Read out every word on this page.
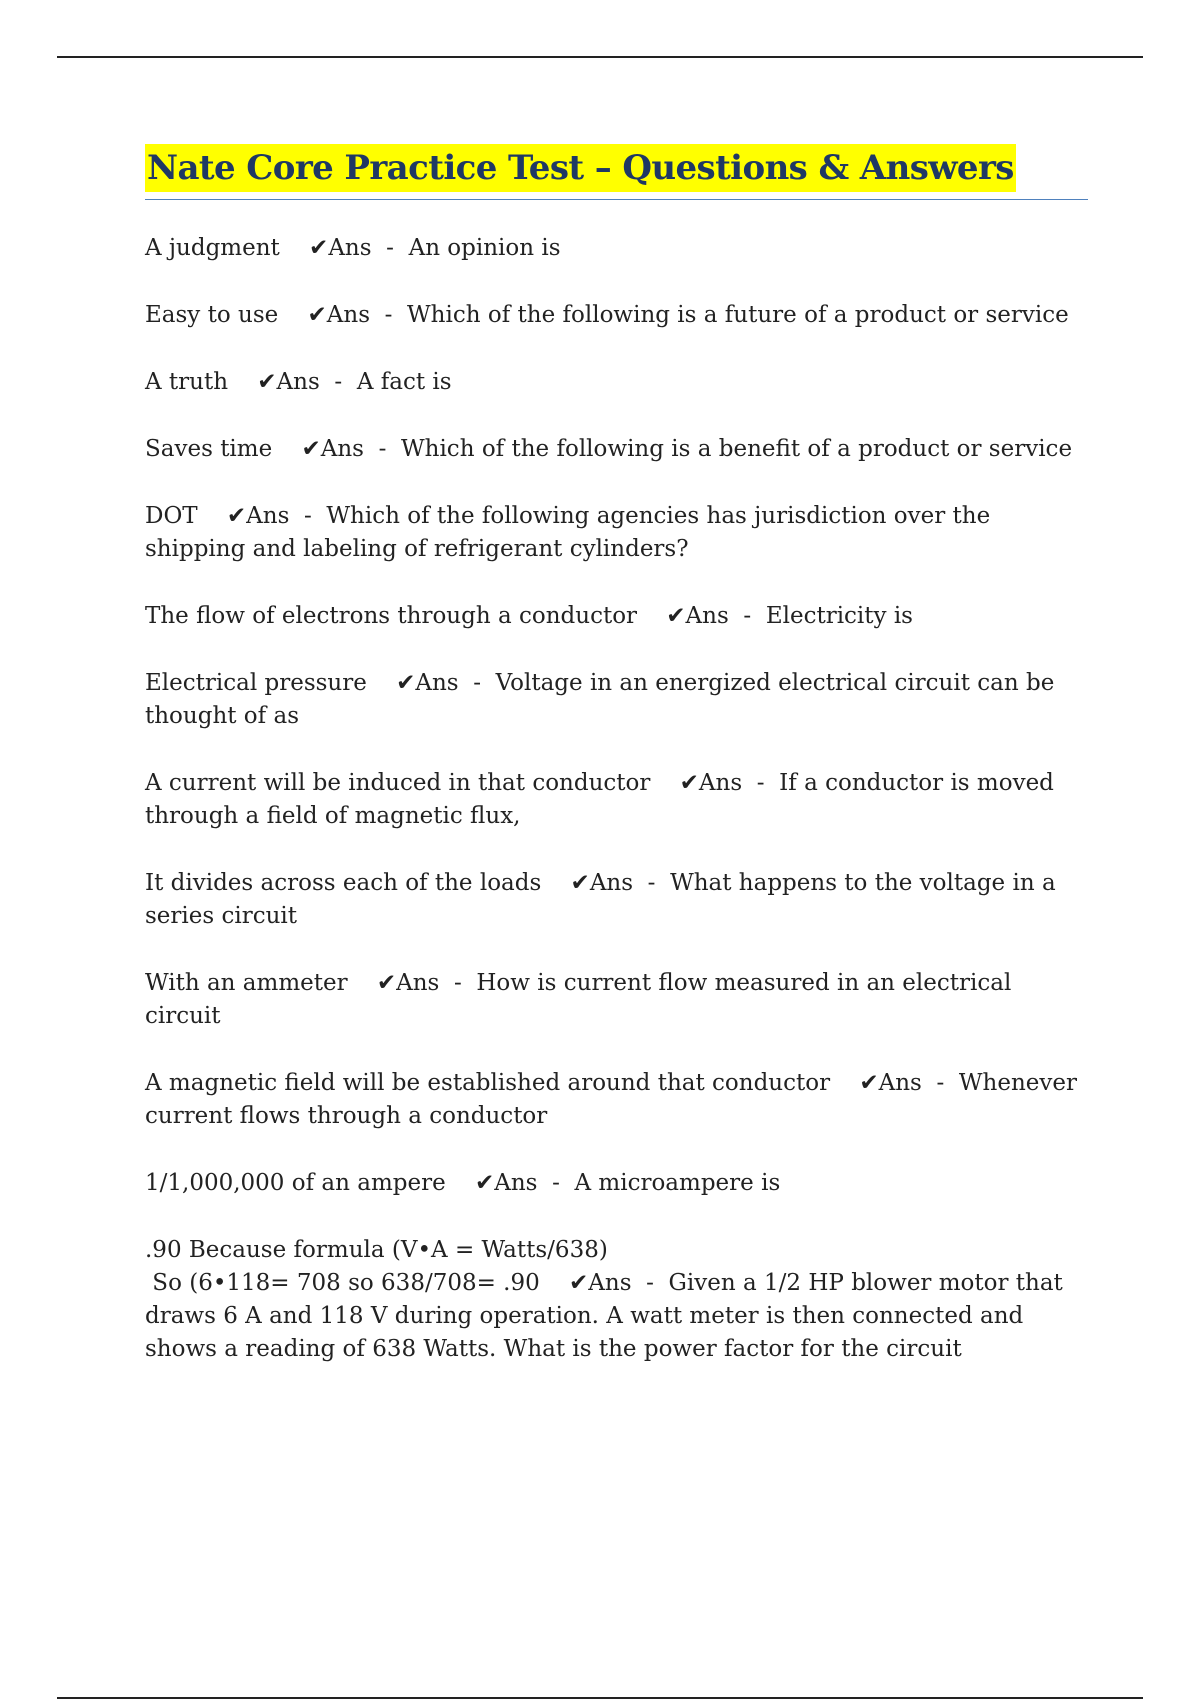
Nate Core Practice Test – Questions & Answers
A judgment ✔Ans  - An opinion is
Easy to use ✔Ans  - Which of the following is a future of a product or service
A truth ✔Ans  - A fact is
Saves time ✔Ans  - Which of the following is a benefit of a product or service
DOT ✔Ans  - Which of the following agencies has jurisdiction over the shipping and labeling of refrigerant cylinders?
The flow of electrons through a conductor ✔Ans  - Electricity is
Electrical pressure ✔Ans  - Voltage in an energized electrical circuit can be thought of as
A current will be induced in that conductor ✔Ans  - If a conductor is moved through a field of magnetic flux,
It divides across each of the loads ✔Ans  - What happens to the voltage in a series circuit
With an ammeter ✔Ans  - How is current flow measured in an electrical circuit
A magnetic field will be established around that conductor ✔Ans  - Whenever current flows through a conductor
1/1,000,000 of an ampere ✔Ans  - A microampere is
.90 Because formula (V•A = Watts/638)
So (6•118= 708 so 638/708= .90 ✔Ans  - Given a 1/2 HP blower motor that draws 6 A and 118 V during operation. A watt meter is then connected and shows a reading of 638 Watts. What is the power factor for the circuit
